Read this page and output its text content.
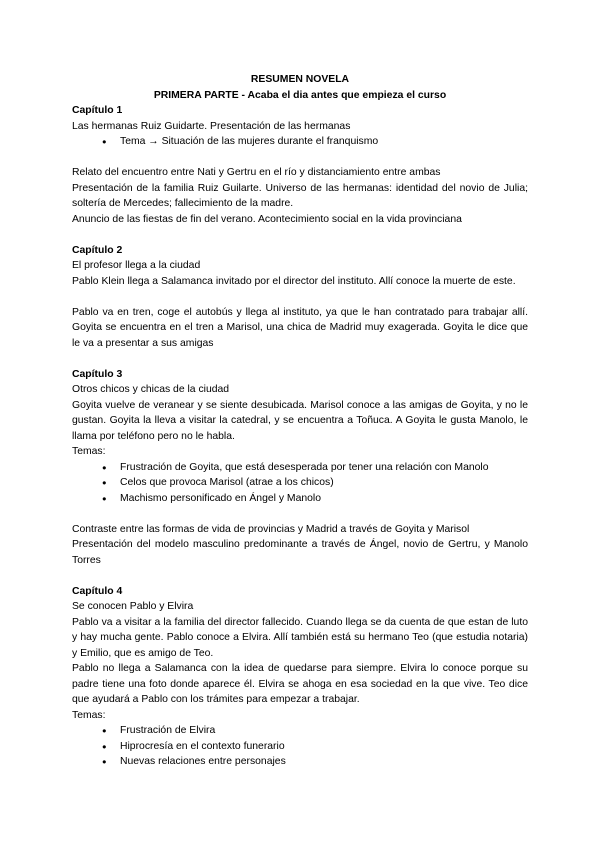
RESUMEN NOVELA

PRIMERA PARTE - Acaba el dia antes que empieza el curso

Capítulo 1

Las hermanas Ruiz Guidarte. Presentación de las hermanas

● Tema → Situación de las mujeres durante el franquismo

Relato del encuentro entre Nati y Gertru en el río y distanciamiento entre ambas

Presentación de la familia Ruiz Guilarte. Universo de las hermanas: identidad del novio de Julia; soltería de Mercedes; fallecimiento de la madre.

Anuncio de las fiestas de fin del verano. Acontecimiento social en la vida provinciana

Capítulo 2

El profesor llega a la ciudad

Pablo Klein llega a Salamanca invitado por el director del instituto. Allí conoce la muerte de este.

Pablo va en tren, coge el autobús y llega al instituto, ya que le han contratado para trabajar allí. Goyita se encuentra en el tren a Marisol, una chica de Madrid muy exagerada. Goyita le dice que le va a presentar a sus amigas

Capítulo 3

Otros chicos y chicas de la ciudad

Goyita vuelve de veranear y se siente desubicada. Marisol conoce a las amigas de Goyita, y no le gustan. Goyita la lleva a visitar la catedral, y se encuentra a Toñuca. A Goyita le gusta Manolo, le llama por teléfono pero no le habla.

Temas:

● Frustración de Goyita, que está desesperada por tener una relación con Manolo
● Celos que provoca Marisol (atrae a los chicos)
● Machismo personificado en Ángel y Manolo

Contraste entre las formas de vida de provincias y Madrid a través de Goyita y Marisol

Presentación del modelo masculino predominante a través de Ángel, novio de Gertru, y Manolo Torres

Capítulo 4

Se conocen Pablo y Elvira

Pablo va a visitar a la familia del director fallecido. Cuando llega se da cuenta de que estan de luto y hay mucha gente. Pablo conoce a Elvira. Allí también está su hermano Teo (que estudia notaria) y Emilio, que es amigo de Teo.

Pablo no llega a Salamanca con la idea de quedarse para siempre. Elvira lo conoce porque su padre tiene una foto donde aparece él. Elvira se ahoga en esa sociedad en la que vive. Teo dice que ayudará a Pablo con los trámites para empezar a trabajar.

Temas:

● Frustración de Elvira
● Hiprocresía en el contexto funerario
● Nuevas relaciones entre personajes
